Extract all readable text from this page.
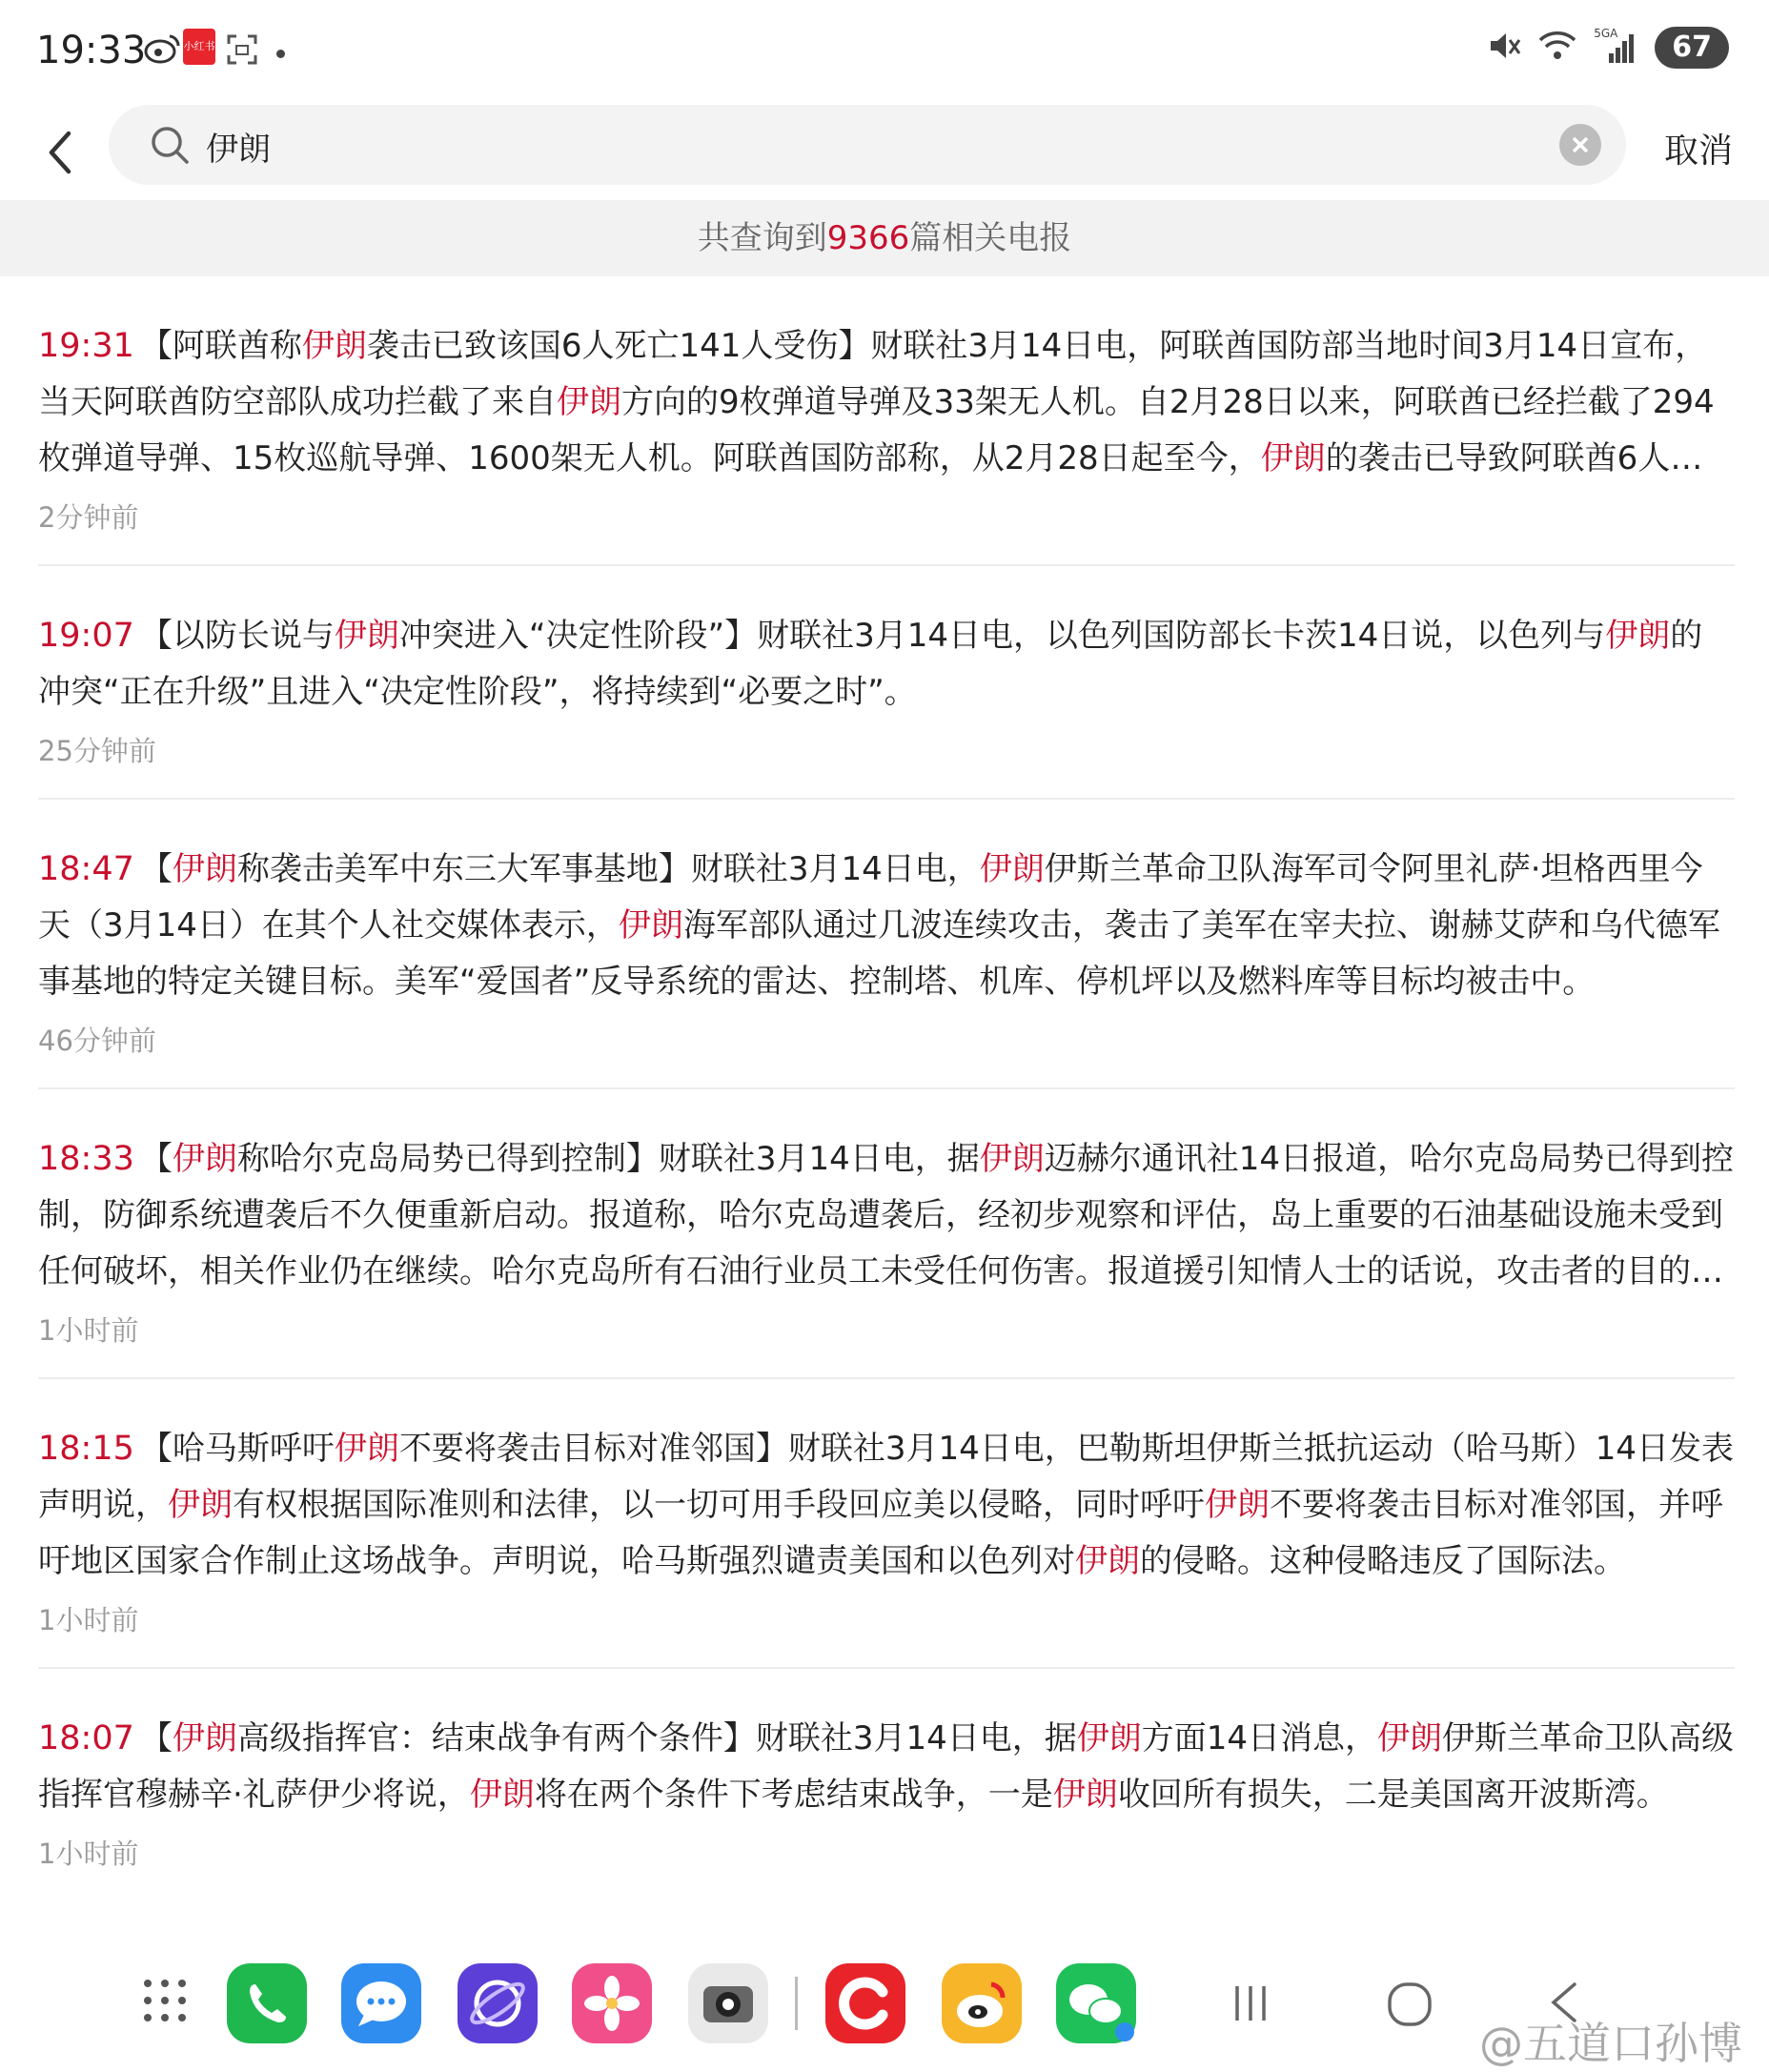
19:33	小红书
5GA	67
伊朗
取消
共查询到9366篇相关电报
19:31 【阿联酋称伊朗袭击已致该国6人死亡141人受伤】财联社3月14日电，阿联酋国防部当地时间3月14日宣布，当天阿联酋防空部队成功拦截了来自伊朗方向的9枚弹道导弹及33架无人机。自2月28日以来，阿联酋已经拦截了294枚弹道导弹、15枚巡航导弹、1600架无人机。阿联酋国防部称，从2月28日起至今，伊朗的袭击已导致阿联酋6人死
2分钟前
19:07 【以防长说与伊朗冲突进入“决定性阶段”】财联社3月14日电，以色列国防部长卡茨14日说，以色列与伊朗的冲突“正在升级”且进入“决定性阶段”，将持续到“必要之时”。
25分钟前
18:47 【伊朗称袭击美军中东三大军事基地】财联社3月14日电，伊朗伊斯兰革命卫队海军司令阿里礼萨·坦格西里今天（3月14日）在其个人社交媒体表示，伊朗海军部队通过几波连续攻击，袭击了美军在宰夫拉、谢赫艾萨和乌代德军事基地的特定关键目标。美军“爱国者”反导系统的雷达、控制塔、机库、停机坪以及燃料库等目标均被击中。
46分钟前
18:33 【伊朗称哈尔克岛局势已得到控制】财联社3月14日电，据伊朗迈赫尔通讯社14日报道，哈尔克岛局势已得到控制，防御系统遭袭后不久便重新启动。报道称，哈尔克岛遭袭后，经初步观察和评估，岛上重要的石油基础设施未受到任何破坏，相关作业仍在继续。哈尔克岛所有石油行业员工未受任何伤害。报道援引知情人士的话说，攻击者的目的未
1小时前
18:15 【哈马斯呼吁伊朗不要将袭击目标对准邻国】财联社3月14日电，巴勒斯坦伊斯兰抵抗运动（哈马斯）14日发表声明说，伊朗有权根据国际准则和法律，以一切可用手段回应美以侵略，同时呼吁伊朗不要将袭击目标对准邻国，并呼吁地区国家合作制止这场战争。声明说，哈马斯强烈谴责美国和以色列对伊朗的侵略。这种侵略违反了国际法。
1小时前
18:07 【伊朗高级指挥官：结束战争有两个条件】财联社3月14日电，据伊朗方面14日消息，伊朗伊斯兰革命卫队高级指挥官穆赫辛·礼萨伊少将说，伊朗将在两个条件下考虑结束战争，一是伊朗收回所有损失，二是美国离开波斯湾。
1小时前
@五道口孙博
